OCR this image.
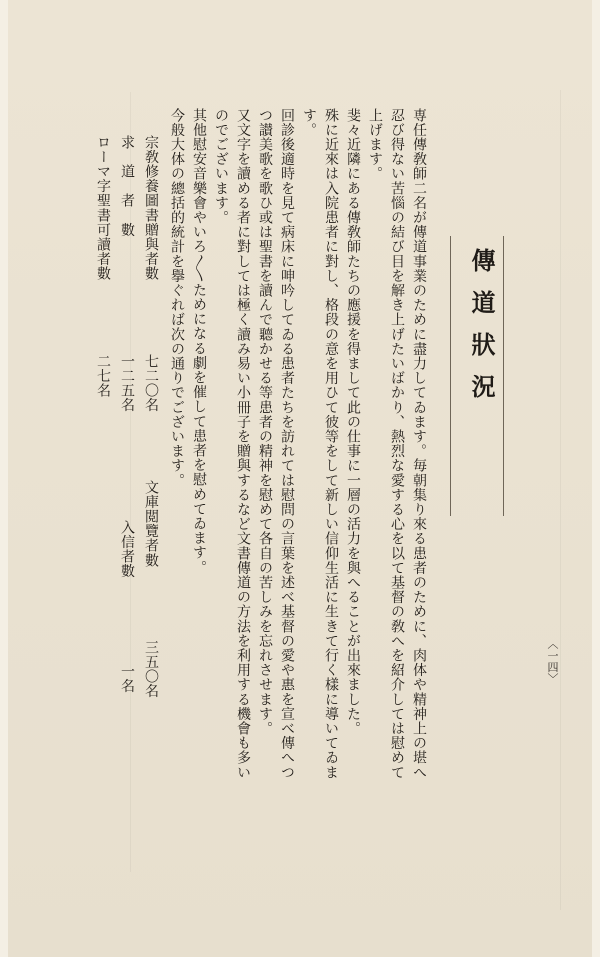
〈一四〉
傳道狀況
専任傳敎師二名が傳道事業のために盡力してゐます。毎朝集り來る患者のために、肉体や精神上の堪へ
忍び得ない苦惱の結び目を解き上げたいばかり、熱烈な愛する心を以て基督の敎へを紹介しては慰めて
上げます。
斐々近隣にある傳敎師たちの應援を得まして此の仕事に一層の活力を與へることが出來ました。
殊に近來は入院患者に對し、格段の意を用ひて彼等をして新しい信仰生活に生きて行く樣に導いてゐま
す。
回診後適時を見て病床に呻吟してゐる患者たちを訪れては慰問の言葉を述べ基督の愛や惠を宣べ傳へつ
つ讃美歌を歌ひ或は聖書を讀んで聽かせる等患者の精神を慰めて各自の苦しみを忘れさせます。
又文字を讀める者に對しては極く讀み易い小冊子を贈與するなど文書傳道の方法を利用する機會も多い
のでございます。
其他慰安音樂會やいろ〳〵ためになる劇を催して患者を慰めてゐます。
今般大体の總括的統計を擧ぐれば次の通りでございます。
宗敎修養圖書贈與者數
七二〇名
求　道　者　數
一二五名
ローマ字聖書可讀者數
二七名
文庫閲覽者數
三五〇名
入信者數
一名
